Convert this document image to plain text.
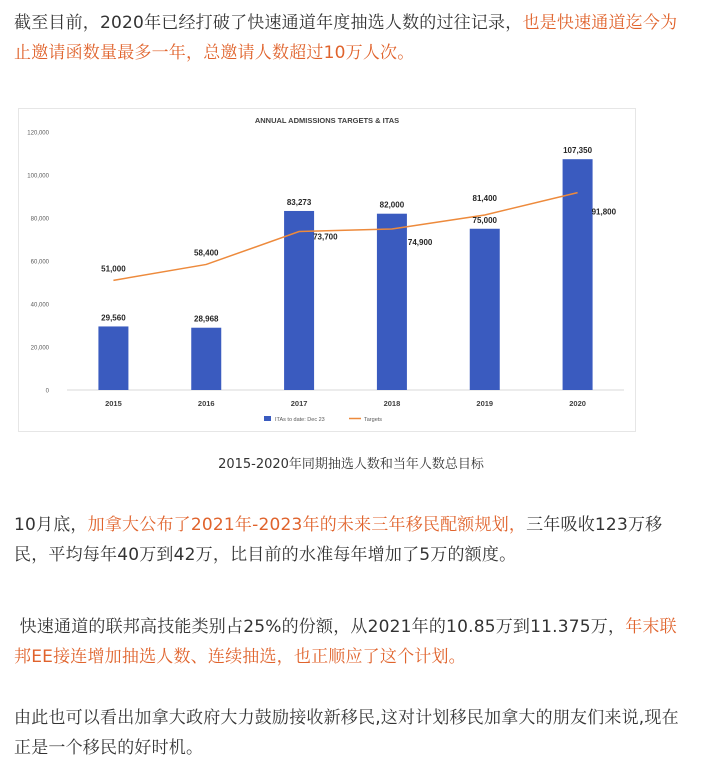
截至目前，2020年已经打破了快速通道年度抽选人数的过往记录，也是快速通道迄今为止邀请函数量最多一年，总邀请人数超过10万人次。
ANNUAL ADMISSIONS TARGETS & ITAS
0
20,000
40,000
60,000
80,000
100,000
120,000
2015	2016	2017	2018	2019	2020
29,560	28,968
83,273	82,000
75,000
107,350
51,000
58,400
73,700
74,900
81,400
91,800
ITAs to date: Dec 23	Targets
2015-2020年同期抽选人数和当年人数总目标
10月底，加拿大公布了2021年-2023年的未来三年移民配额规划，三年吸收123万移民，平均每年40万到42万，比目前的水准每年增加了5万的额度。
快速通道的联邦高技能类别占25%的份额，从2021年的10.85万到11.375万，年末联邦EE接连增加抽选人数、连续抽选，也正顺应了这个计划。
由此也可以看出加拿大政府大力鼓励接收新移民,这对计划移民加拿大的朋友们来说,现在正是一个移民的好时机。
